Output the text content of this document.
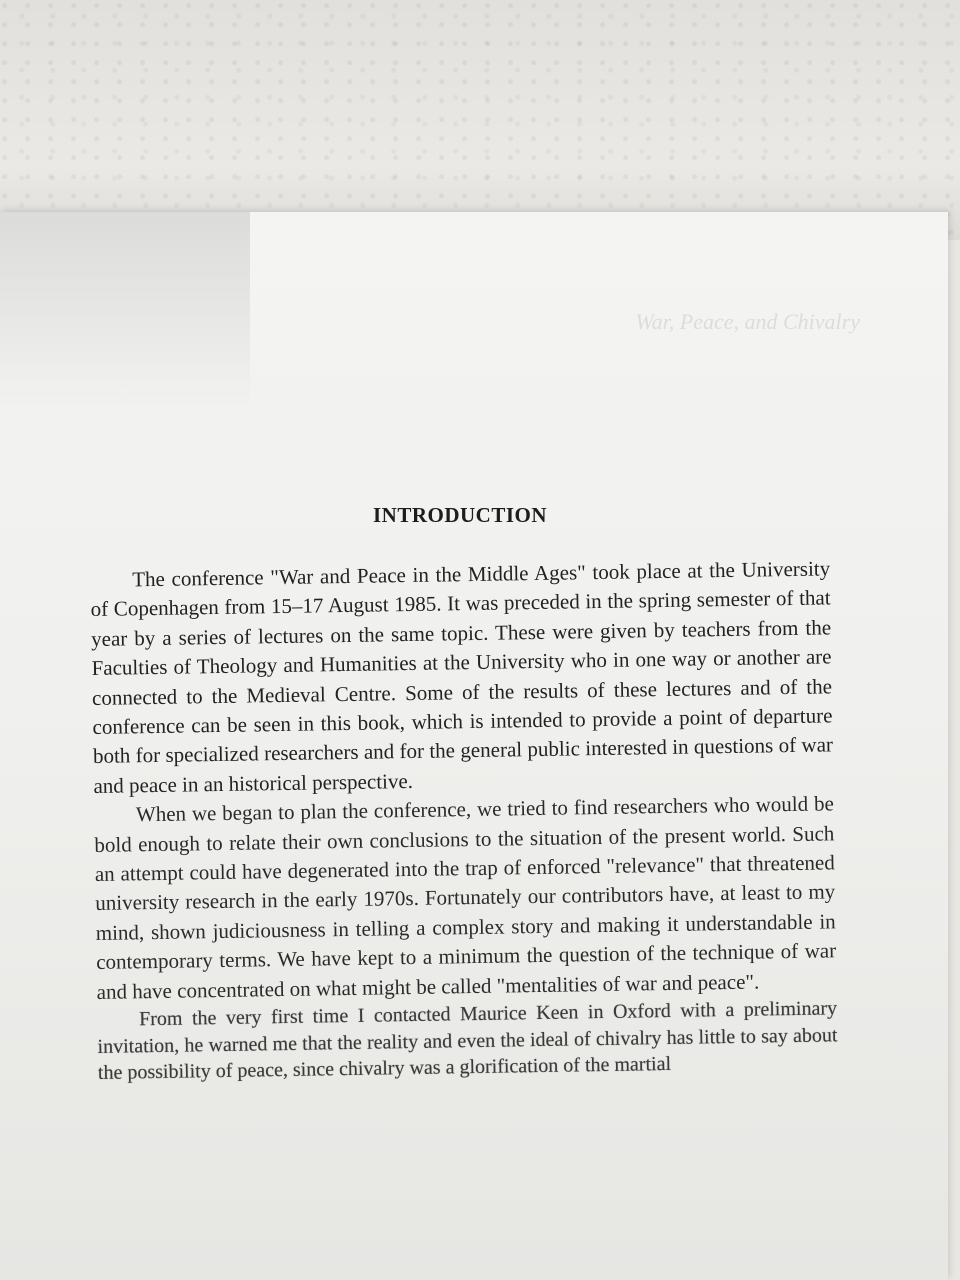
War, Peace, and Chivalry
INTRODUCTION

The conference "War and Peace in the Middle Ages" took place at the University of Copenhagen from 15–17 August 1985. It was preceded in the spring semester of that year by a series of lectures on the same topic. These were given by teachers from the Faculties of Theology and Humanities at the University who in one way or another are connected to the Medieval Centre. Some of the results of these lectures and of the conference can be seen in this book, which is intended to provide a point of departure both for specialized researchers and for the general public interested in questions of war and peace in an historical perspective.

When we began to plan the conference, we tried to find researchers who would be bold enough to relate their own conclusions to the situation of the present world. Such an attempt could have degenerated into the trap of enforced "relevance" that threatened university research in the early 1970s. Fortunately our contributors have, at least to my mind, shown judiciousness in telling a complex story and making it understandable in contemporary terms. We have kept to a minimum the question of the technique of war and have concentrated on what might be called "mentalities of war and peace".

From the very first time I contacted Maurice Keen in Oxford with a preliminary invitation, he warned me that the reality and even the ideal of chivalry has little to say about the possibility of peace, since chivalry was a glorification of the martial
